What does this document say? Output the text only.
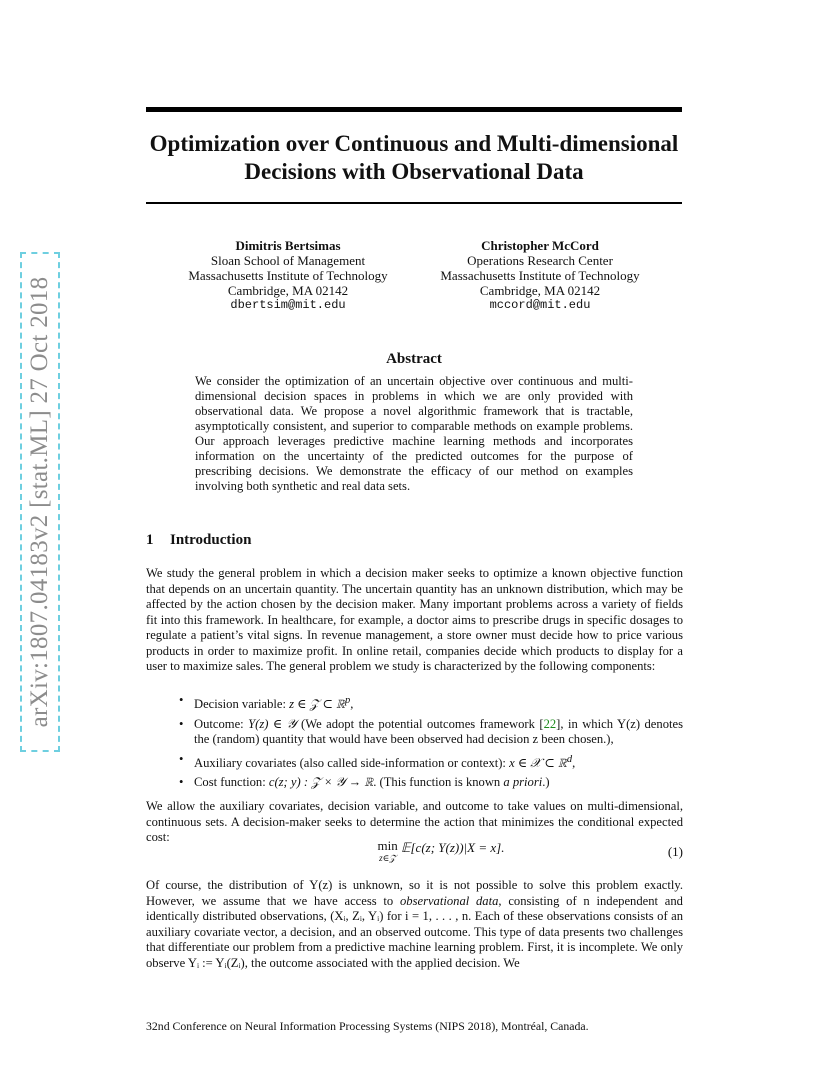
arXiv:1807.04183v2 [stat.ML] 27 Oct 2018
Optimization over Continuous and Multi-dimensional
Decisions with Observational Data
Dimitris Bertsimas
Sloan School of Management
Massachusetts Institute of Technology
Cambridge, MA 02142
dbertsim@mit.edu
Christopher McCord
Operations Research Center
Massachusetts Institute of Technology
Cambridge, MA 02142
mccord@mit.edu
Abstract

We consider the optimization of an uncertain objective over continuous and multi-dimensional decision spaces in problems in which we are only provided with observational data. We propose a novel algorithmic framework that is tractable, asymptotically consistent, and superior to comparable methods on example problems. Our approach leverages predictive machine learning methods and incorporates information on the uncertainty of the predicted outcomes for the purpose of prescribing decisions. We demonstrate the efficacy of our method on examples involving both synthetic and real data sets.

1 Introduction

We study the general problem in which a decision maker seeks to optimize a known objective function that depends on an uncertain quantity. The uncertain quantity has an unknown distribution, which may be affected by the action chosen by the decision maker. Many important problems across a variety of fields fit into this framework. In healthcare, for example, a doctor aims to prescribe drugs in specific dosages to regulate a patient’s vital signs. In revenue management, a store owner must decide how to price various products in order to maximize profit. In online retail, companies decide which products to display for a user to maximize sales. The general problem we study is characterized by the following components:

• Decision variable: z ∈ 𝒵 ⊂ ℝ$^p$,
• Outcome: Y(z) ∈ 𝒴 (We adopt the potential outcomes framework [22], in which Y(z) denotes the (random) quantity that would have been observed had decision z been chosen.),
• Auxiliary covariates (also called side-information or context): x ∈ 𝒳 ⊂ ℝ$^d$,
• Cost function: c(z; y) : 𝒵 × 𝒴 → ℝ. (This function is known a priori.)

We allow the auxiliary covariates, decision variable, and outcome to take values on multi-dimensional, continuous sets. A decision-maker seeks to determine the action that minimizes the conditional expected cost:

min
z∈𝒵
𝔼[c(z; Y(z))|X = x].	(1)

Of course, the distribution of Y(z) is unknown, so it is not possible to solve this problem exactly. However, we assume that we have access to observational data, consisting of n independent and identically distributed observations, (Xᵢ, Zᵢ, Yᵢ) for i = 1, . . . , n. Each of these observations consists of an auxiliary covariate vector, a decision, and an observed outcome. This type of data presents two challenges that differentiate our problem from a predictive machine learning problem. First, it is incomplete. We only observe Yᵢ := Yᵢ(Zᵢ), the outcome associated with the applied decision. We

32nd Conference on Neural Information Processing Systems (NIPS 2018), Montréal, Canada.
